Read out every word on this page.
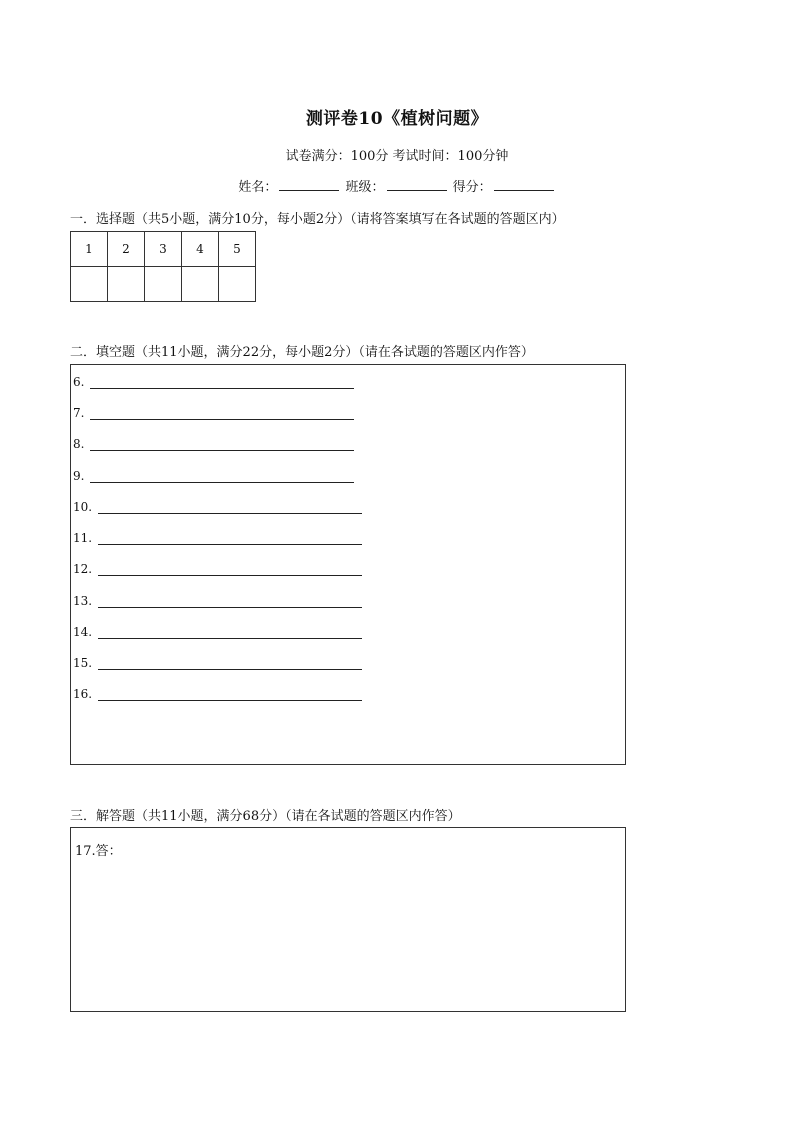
测评卷10《植树问题》
试卷满分：100分 考试时间：100分钟
姓名：	班级：	得分：
一．选择题（共5小题，满分10分，每小题2分）（请将答案填写在各试题的答题区内）
1	2	3	4	5

二．填空题（共11小题，满分22分，每小题2分）（请在各试题的答题区内作答）
6.
7.
8.
9.
10.
11.
12.
13.
14.
15.
16.
三．解答题（共11小题，满分68分）（请在各试题的答题区内作答）
17.答：
